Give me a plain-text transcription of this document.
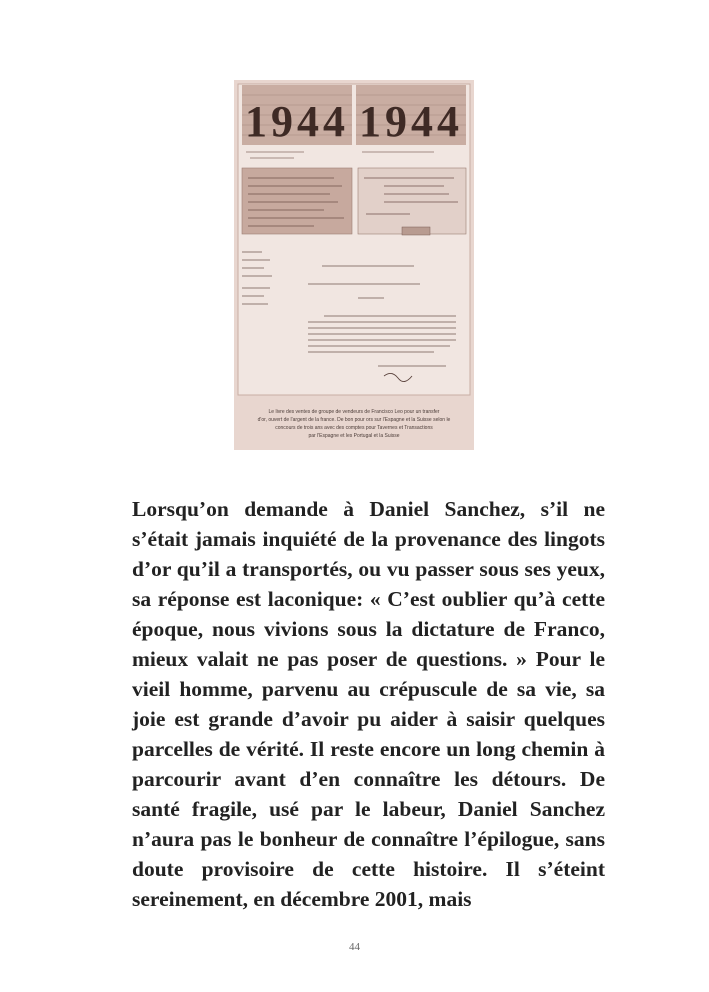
1944 1944
Le livre des ventes de groupe de vendeurs de Francisco Leo pour un transfer
d'or, ouvert de l'argent de la france. De bon pour ors sur l'Espagne et la Suisse selon le
concours de trois ans avec des comptes pour Tavernes et Transactions
par l'Espagne et les Portugal et la Suisse

Lorsqu’on demande à Daniel Sanchez, s’il ne s’était jamais inquiété de la provenance des lingots d’or qu’il a transportés, ou vu passer sous ses yeux, sa réponse est laconique: « C’est oublier qu’à cette époque, nous vivions sous la dictature de Franco, mieux valait ne pas poser de questions. » Pour le vieil homme, parvenu au crépuscule de sa vie, sa joie est grande d’avoir pu aider à saisir quelques parcelles de vérité. Il reste encore un long chemin à parcourir avant d’en connaître les détours. De santé fragile, usé par le labeur, Daniel Sanchez n’aura pas le bonheur de connaître l’épilogue, sans doute provisoire de cette histoire. Il s’éteint sereinement, en décembre 2001, mais

44
